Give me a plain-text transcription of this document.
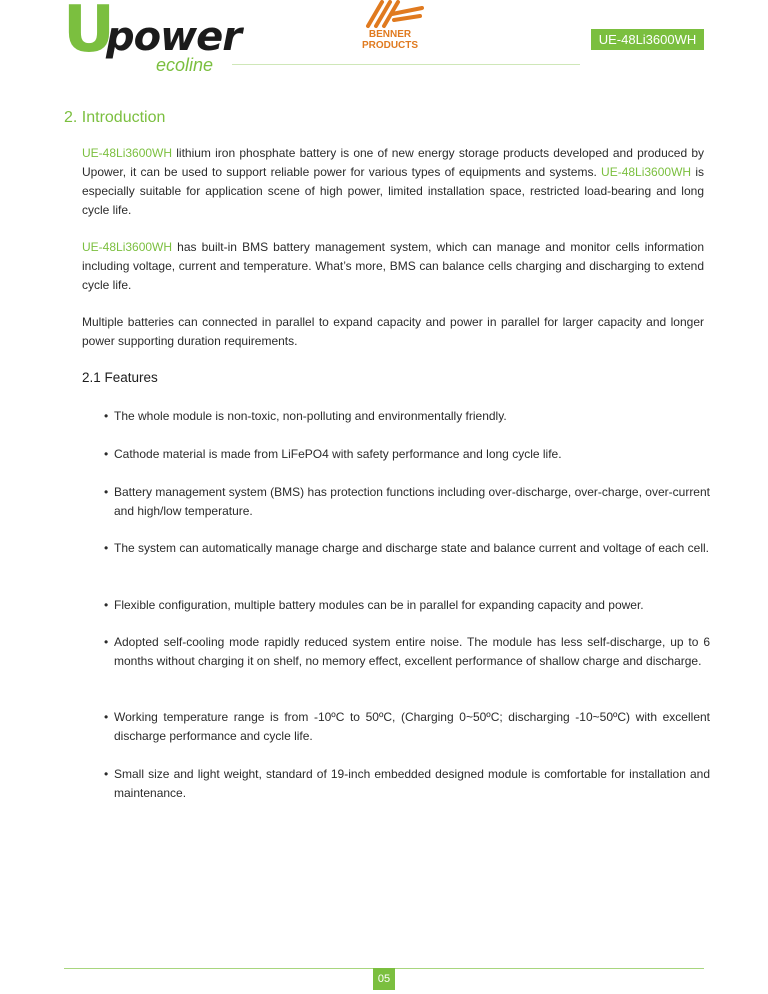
U
power
ecoline
BENNER
PRODUCTS	UE-48Li3600WH
2. Introduction
UE-48Li3600WH lithium iron phosphate battery is one of new energy storage products developed and produced by Upower, it can be used to support reliable power for various types of equipments and systems. UE-48Li3600WH is especially suitable for application scene of high power, limited installation space, restricted load-bearing and long cycle life.
UE-48Li3600WH has built-in BMS battery management system, which can manage and monitor cells information including voltage, current and temperature. What’s more, BMS can balance cells charging and discharging to extend cycle life.
Multiple batteries can connected in parallel to expand capacity and power in parallel for larger capacity and longer power supporting duration requirements.
2.1 Features
• The whole module is non-toxic, non-polluting and environmentally friendly.
• Cathode material is made from LiFePO4 with safety performance and long cycle life.
• Battery management system (BMS) has protection functions including over-discharge, over-charge, over-current and high/low temperature.
• The system can automatically manage charge and discharge state and balance current and voltage of each cell.
• Flexible configuration, multiple battery modules can be in parallel for expanding capacity and power.
• Adopted self-cooling mode rapidly reduced system entire noise. The module has less self-discharge, up to 6 months without charging it on shelf, no memory effect, excellent performance of shallow charge and discharge.
• Working temperature range is from -10ºC to 50ºC, (Charging 0~50ºC; discharging -10~50ºC) with excellent discharge performance and cycle life.
• Small size and light weight, standard of 19-inch embedded designed module is comfortable for installation and maintenance.
05
